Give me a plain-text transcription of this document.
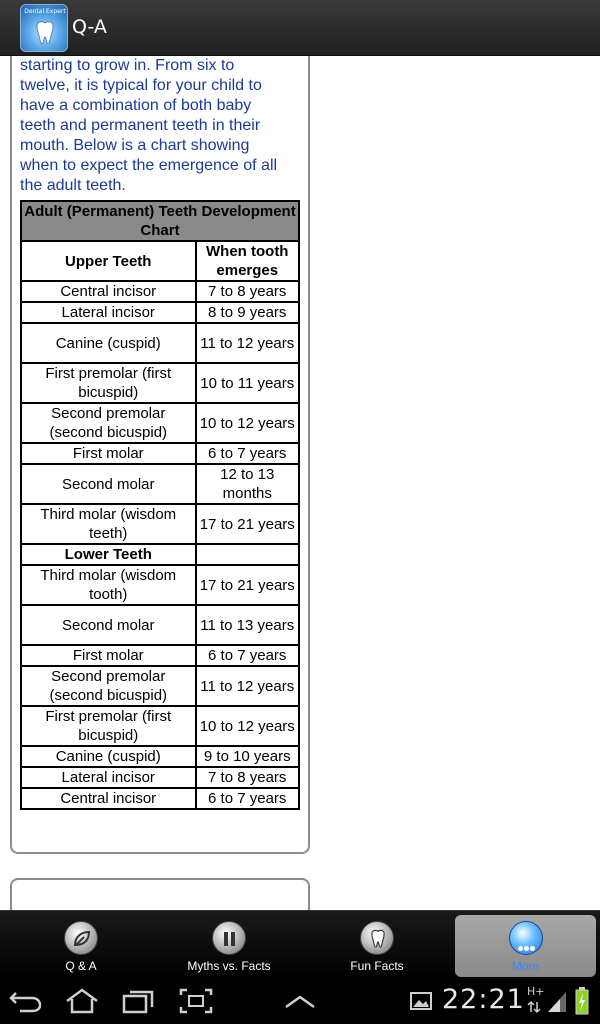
Dental Expert
Q-A
starting to grow in. From six to
twelve, it is typical for your child to
have a combination of both baby
teeth and permanent teeth in their
mouth. Below is a chart showing
when to expect the emergence of all
the adult teeth.
Adult (Permanent) Teeth Development Chart	
Upper Teeth	When tooth emerges
Central incisor	7 to 8 years
Lateral incisor	8 to 9 years
Canine (cuspid)	11 to 12 years
First premolar (first bicuspid)	10 to 11 years
Second premolar (second bicuspid)	10 to 12 years
First molar	6 to 7 years
Second molar	12 to 13 months
Third molar (wisdom teeth)	17 to 21 years
Lower Teeth	
Third molar (wisdom tooth)	17 to 21 years
Second molar	11 to 13 years
First molar	6 to 7 years
Second premolar (second bicuspid)	11 to 12 years
First premolar (first bicuspid)	10 to 12 years
Canine (cuspid)	9 to 10 years
Lateral incisor	7 to 8 years
Central incisor	6 to 7 years
Q & A	Myths vs. Facts	Fun Facts	More
22:21 H+
